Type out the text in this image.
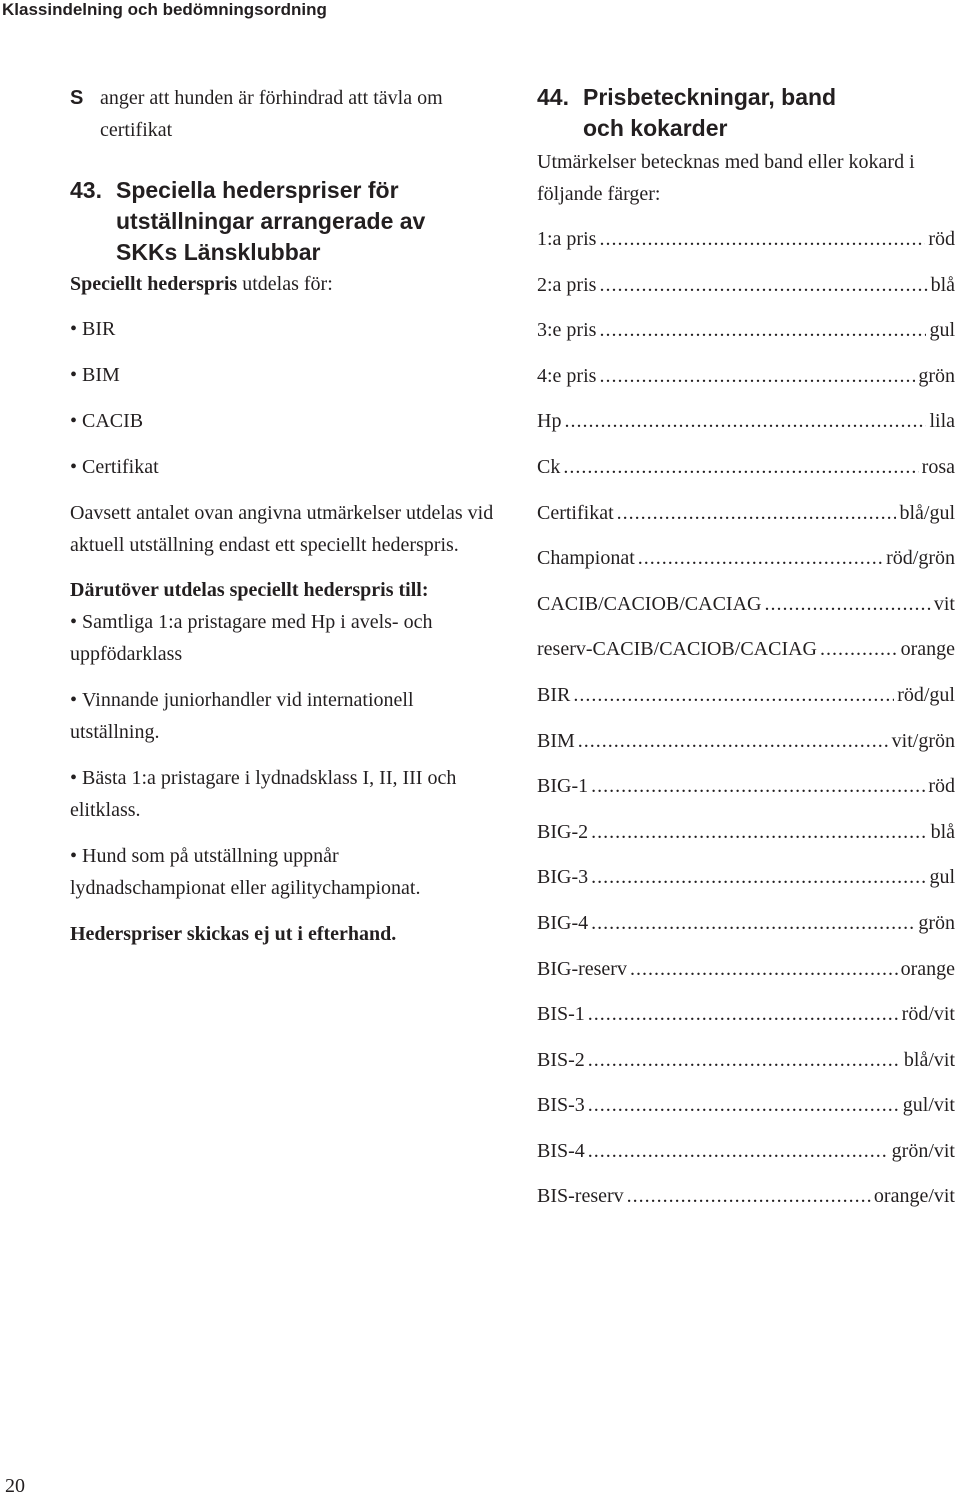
Klassindelning och bedömningsordning

S anger att hunden är förhindrad att tävla om certifikat

43. Speciella hederspriser för
utställningar arrangerade av
SKKs Länsklubbar

Speciellt hederspris utdelas för:

• BIR

• BIM

• CACIB

• Certifikat

Oavsett antalet ovan angivna utmärkelser utdelas vid aktuell utställning endast ett speciellt hederspris.

Därutöver utdelas speciellt hederspris till:

• Samtliga 1:a pristagare med Hp i avels- och uppfödarklass

• Vinnande juniorhandler vid internationell utställning.

• Bästa 1:a pristagare i lydnadsklass I, II, III och elitklass.

• Hund som på utställning uppnår lydnadschampionat eller agilitychampionat.

Hederspriser skickas ej ut i efterhand.

44. Prisbeteckningar, band
och kokarder

Utmärkelser betecknas med band eller kokard i följande färger:

1:a pris .....	röd
2:a pris .....	blå
3:e pris .....	gul
4:e pris .....	grön
Hp .....	lila
Ck .....	rosa
Certifikat .....	blå/gul
Championat .....	röd/grön
CACIB/CACIOB/CACIAG .....	vit
reserv-CACIB/CACIOB/CACIAG .....	orange
BIR .....	röd/gul
BIM .....	vit/grön
BIG-1 .....	röd
BIG-2 .....	blå
BIG-3 .....	gul
BIG-4 .....	grön
BIG-reserv .....	orange
BIS-1 .....	röd/vit
BIS-2 .....	blå/vit
BIS-3 .....	gul/vit
BIS-4 .....	grön/vit
BIS-reserv .....	orange/vit
20
